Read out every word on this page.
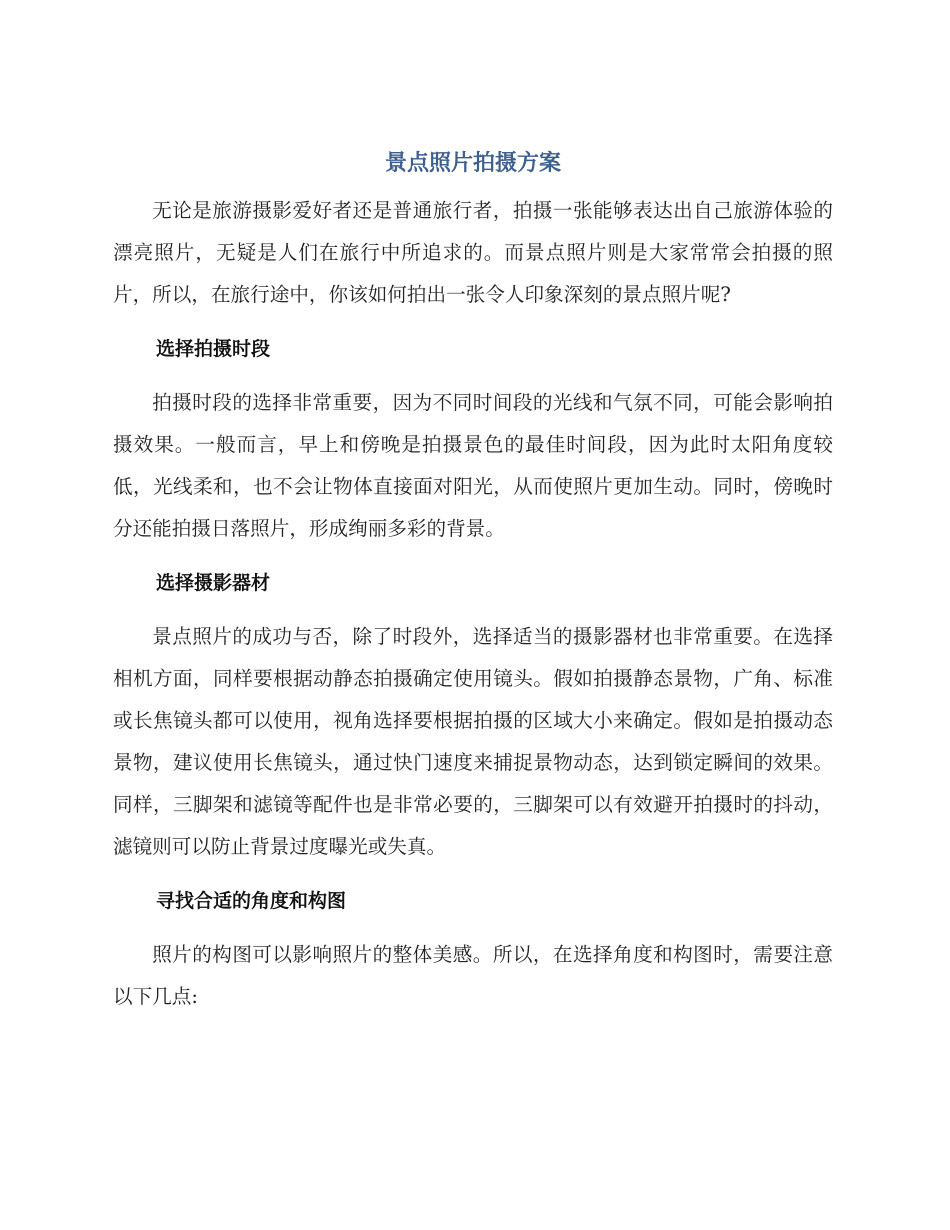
景点照片拍摄方案

无论是旅游摄影爱好者还是普通旅行者，拍摄一张能够表达出自己旅游体验的漂亮照片，无疑是人们在旅行中所追求的。而景点照片则是大家常常会拍摄的照片，所以，在旅行途中，你该如何拍出一张令人印象深刻的景点照片呢?

选择拍摄时段

拍摄时段的选择非常重要，因为不同时间段的光线和气氛不同，可能会影响拍摄效果。一般而言，早上和傍晚是拍摄景色的最佳时间段，因为此时太阳角度较低，光线柔和，也不会让物体直接面对阳光，从而使照片更加生动。同时，傍晚时分还能拍摄日落照片，形成绚丽多彩的背景。

选择摄影器材

景点照片的成功与否，除了时段外，选择适当的摄影器材也非常重要。在选择相机方面，同样要根据动静态拍摄确定使用镜头。假如拍摄静态景物，广角、标准或长焦镜头都可以使用，视角选择要根据拍摄的区域大小来确定。假如是拍摄动态景物，建议使用长焦镜头，通过快门速度来捕捉景物动态，达到锁定瞬间的效果。同样，三脚架和滤镜等配件也是非常必要的，三脚架可以有效避开拍摄时的抖动，滤镜则可以防止背景过度曝光或失真。

寻找合适的角度和构图

照片的构图可以影响照片的整体美感。所以，在选择角度和构图时，需要注意以下几点:
